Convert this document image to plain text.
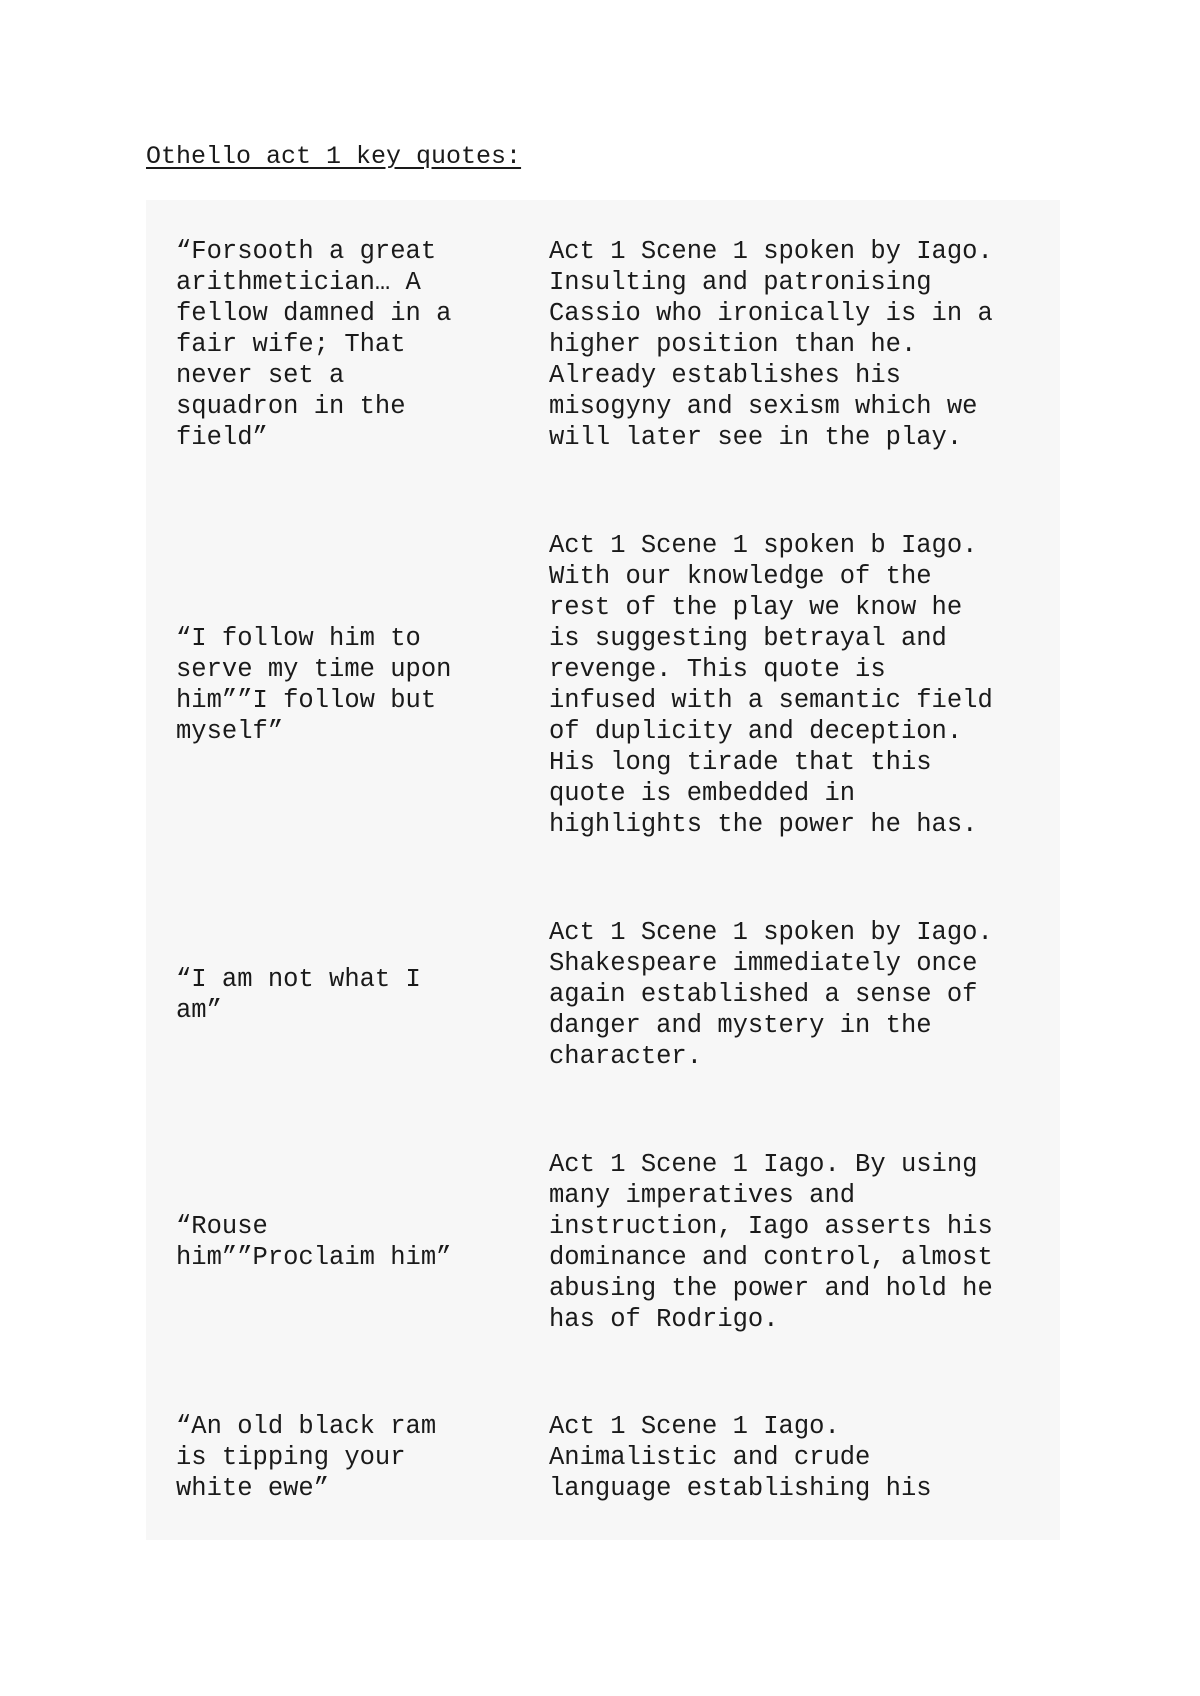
Othello act 1 key quotes:
“Forsooth a great
arithmetician… A
fellow damned in a
fair wife; That
never set a
squadron in the
field”
Act 1 Scene 1 spoken by Iago.
Insulting and patronising
Cassio who ironically is in a
higher position than he.
Already establishes his
misogyny and sexism which we
will later see in the play.
“I follow him to
serve my time upon
him””I follow but
myself”
Act 1 Scene 1 spoken b Iago.
With our knowledge of the
rest of the play we know he
is suggesting betrayal and
revenge. This quote is
infused with a semantic field
of duplicity and deception.
His long tirade that this
quote is embedded in
highlights the power he has.
“I am not what I
am”
Act 1 Scene 1 spoken by Iago.
Shakespeare immediately once
again established a sense of
danger and mystery in the
character.
“Rouse
him””Proclaim him”
Act 1 Scene 1 Iago. By using
many imperatives and
instruction, Iago asserts his
dominance and control, almost
abusing the power and hold he
has of Rodrigo.
“An old black ram
is tipping your
white ewe”
Act 1 Scene 1 Iago.
Animalistic and crude
language establishing his
